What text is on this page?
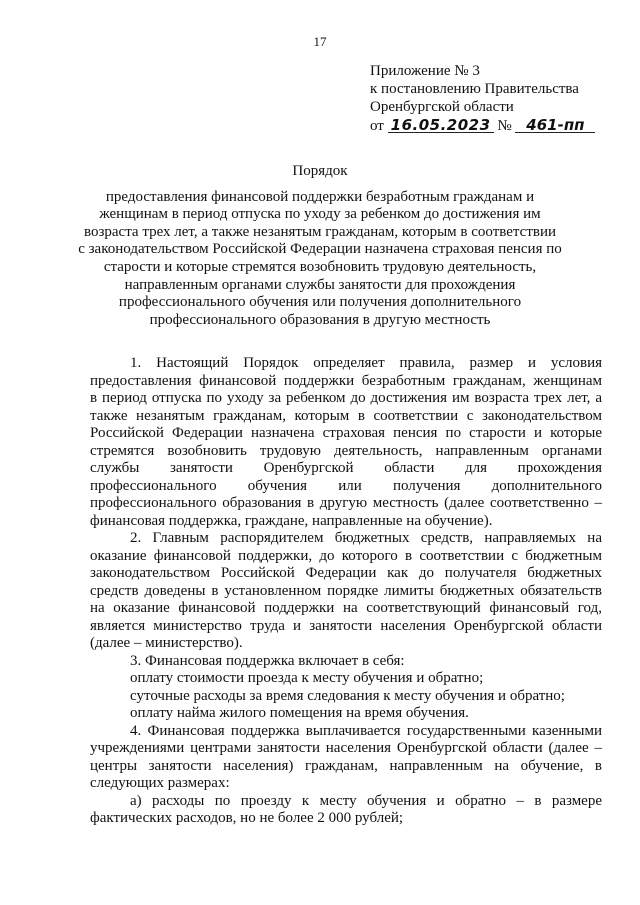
17
Приложение № 3
к постановлению Правительства
Оренбургской области
от 16.05.2023 № 461-пп
Порядок
предоставления финансовой поддержки безработным гражданам и
женщинам в период отпуска по уходу за ребенком до достижения им
возраста трех лет, а также незанятым гражданам, которым в соответствии
с законодательством Российской Федерации назначена страховая пенсия по
старости и которые стремятся возобновить трудовую деятельность,
направленным органами службы занятости для прохождения
профессионального обучения или получения дополнительного
профессионального образования в другую местность
1. Настоящий Порядок определяет правила, размер и условия
предоставления финансовой поддержки безработным гражданам, женщинам
в период отпуска по уходу за ребенком до достижения им возраста трех лет, а
также незанятым гражданам, которым в соответствии с законодательством
Российской Федерации назначена страховая пенсия по старости и которые
стремятся возобновить трудовую деятельность, направленным органами
службы занятости Оренбургской области для прохождения
профессионального обучения или получения дополнительного
профессионального образования в другую местность (далее соответственно –
финансовая поддержка, граждане, направленные на обучение).
2. Главным распорядителем бюджетных средств, направляемых на
оказание финансовой поддержки, до которого в соответствии с бюджетным
законодательством Российской Федерации как до получателя бюджетных
средств доведены в установленном порядке лимиты бюджетных обязательств
на оказание финансовой поддержки на соответствующий финансовый год,
является министерство труда и занятости населения Оренбургской области
(далее – министерство).
3. Финансовая поддержка включает в себя:
оплату стоимости проезда к месту обучения и обратно;
суточные расходы за время следования к месту обучения и обратно;
оплату найма жилого помещения на время обучения.
4. Финансовая поддержка выплачивается государственными казенными
учреждениями центрами занятости населения Оренбургской области (далее –
центры занятости населения) гражданам, направленным на обучение, в
следующих размерах:
а) расходы по проезду к месту обучения и обратно – в размере
фактических расходов, но не более 2 000 рублей;
